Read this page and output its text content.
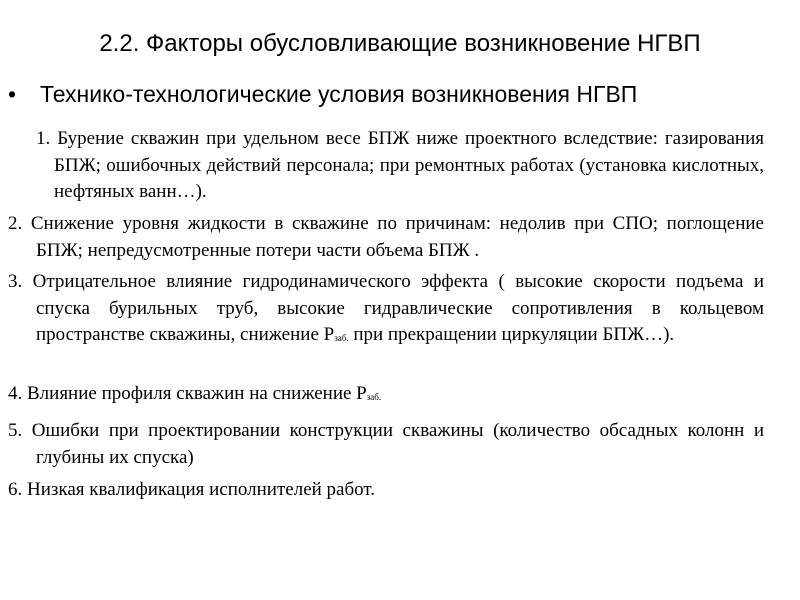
2.2. Факторы обусловливающие возникновение НГВП
•	Технико-технологические условия возникновения НГВП
1. Бурение скважин при удельном весе БПЖ ниже проектного вследствие: газирования БПЖ; ошибочных действий персонала; при ремонтных работах (установка кислотных, нефтяных ванн…).
2. Снижение уровня жидкости в скважине по причинам: недолив при СПО; поглощение БПЖ; непредусмотренные потери части объема БПЖ .
3. Отрицательное влияние гидродинамического эффекта ( высокие скорости подъема и спуска бурильных труб, высокие гидравлические сопротивления в кольцевом пространстве скважины, снижение $Р_{заб.}$ при прекращении циркуляции БПЖ…).
4. Влияние профиля скважин на снижение $Р_{заб.}$
5. Ошибки при проектировании конструкции скважины (количество обсадных колонн и глубины их спуска)
6. Низкая квалификация исполнителей работ.
